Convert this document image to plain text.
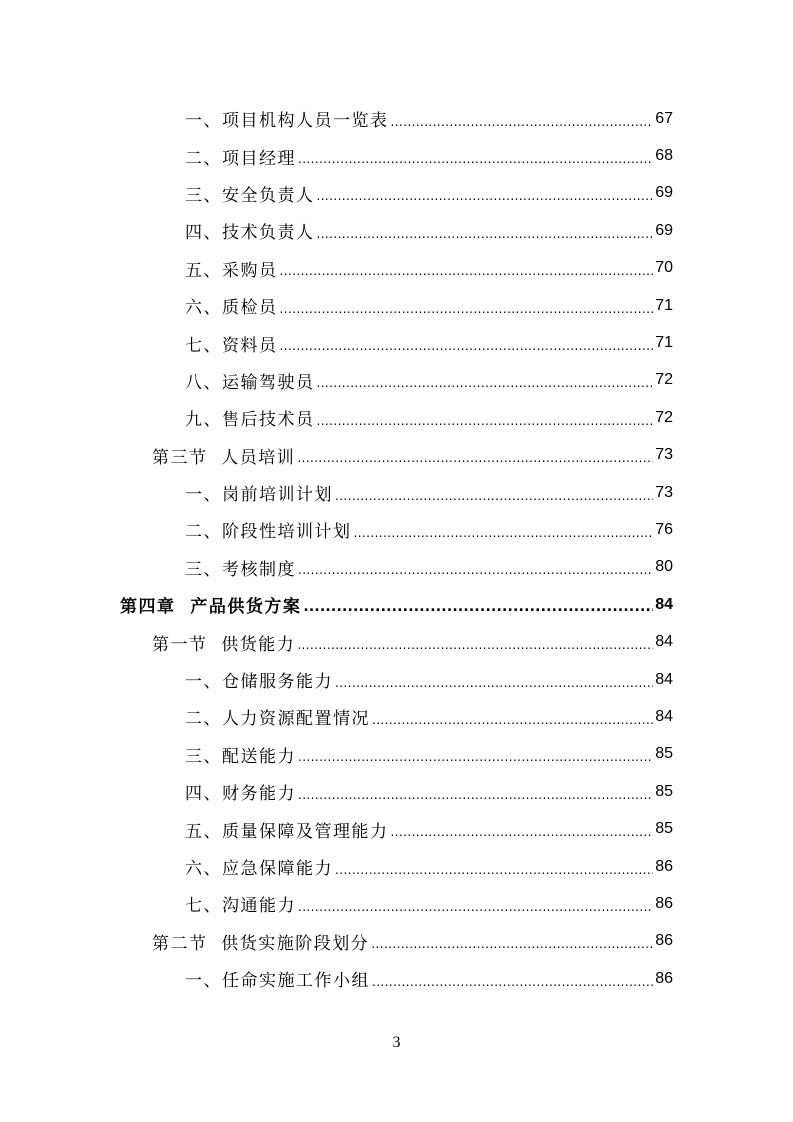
一、项目机构人员一览表 .....	67
二、项目经理 .....	68
三、安全负责人 .....	69
四、技术负责人 .....	69
五、采购员 .....	70
六、质检员 .....	71
七、资料员 .....	71
八、运输驾驶员 .....	72
九、售后技术员 .....	72
第三节  人员培训 .....	73
一、岗前培训计划 .....	73
二、阶段性培训计划 .....	76
三、考核制度 .....	80
第四章  产品供货方案 .....	84
第一节  供货能力 .....	84
一、仓储服务能力 .....	84
二、人力资源配置情况 .....	84
三、配送能力 .....	85
四、财务能力 .....	85
五、质量保障及管理能力 .....	85
六、应急保障能力 .....	86
七、沟通能力 .....	86
第二节  供货实施阶段划分 .....	86
一、任命实施工作小组 .....	86
3
